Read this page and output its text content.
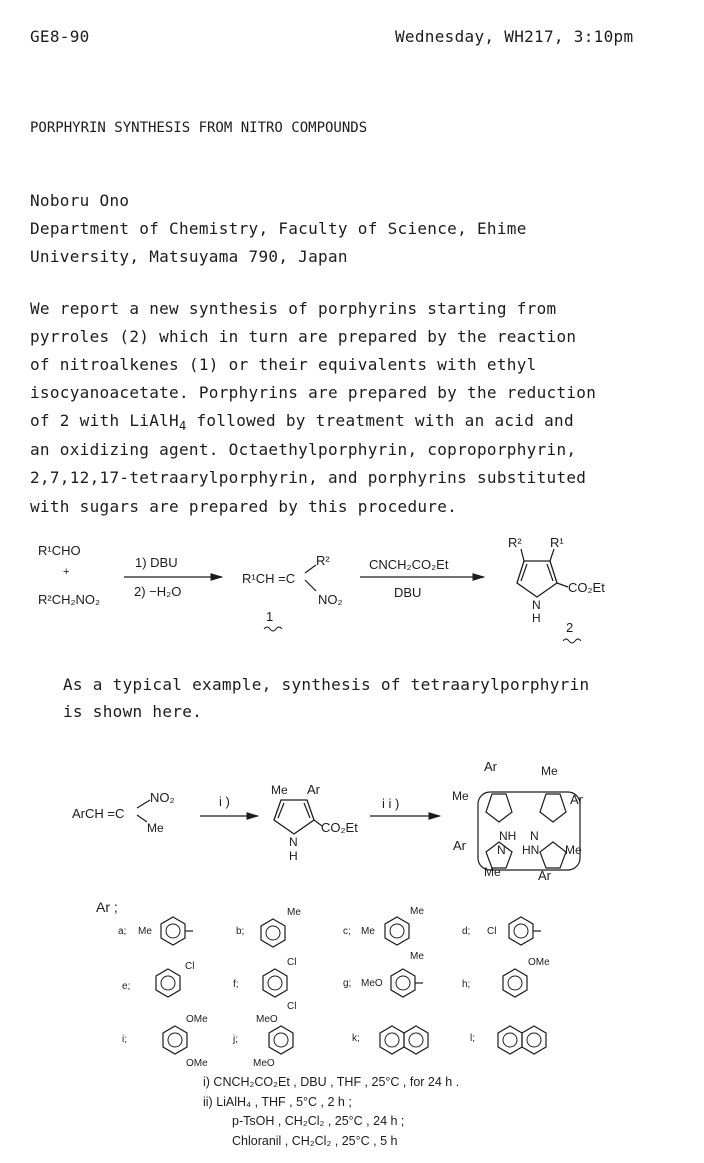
GE8-90	Wednesday, WH217, 3:10pm
PORPHYRIN SYNTHESIS FROM NITRO COMPOUNDS
Noboru Ono
Department of Chemistry, Faculty of Science, Ehime
University, Matsuyama 790, Japan
We report a new synthesis of porphyrins starting from
pyrroles (2) which in turn are prepared by the reaction
of nitroalkenes (1) or their equivalents with ethyl
isocyanoacetate. Porphyrins are prepared by the reduction
of 2 with LiAlH$_4$ followed by treatment with an acid and
an oxidizing agent. Octaethylporphyrin, coproporphyrin,
2,7,12,17-tetraarylporphyrin, and porphyrins substituted
with sugars are prepared by this procedure.
R¹CHO
+
R²CH₂NO₂
1) DBU
2) −H₂O
R¹CH =C
R²
NO₂
1
CNCH₂CO₂Et
DBU
R² R¹
CO₂Et
N
H
2
As a typical example, synthesis of tetraarylporphyrin
is shown here.
ArCH =C
NO₂
Me
i )
Me Ar
CO₂Et
N
H
i i )
Ar	Me
Me	Ar
NH N
N HN
Ar	Me
Me	Ar
Ar ;
a; Me	b;
Me
c; Me
Me
Me
d; Cl
e;
Cl
f;
Cl
Cl
g; MeO	h;
OMe
i;
OMe
OMe
j;
MeO
MeO
k;	l;
i) CNCH₂CO₂Et , DBU , THF , 25°C , for 24 h .
ii) LiAlH₄ , THF , 5°C , 2 h ;
p-TsOH , CH₂Cl₂ , 25°C , 24 h ;
Chloranil , CH₂Cl₂ , 25°C , 5 h
